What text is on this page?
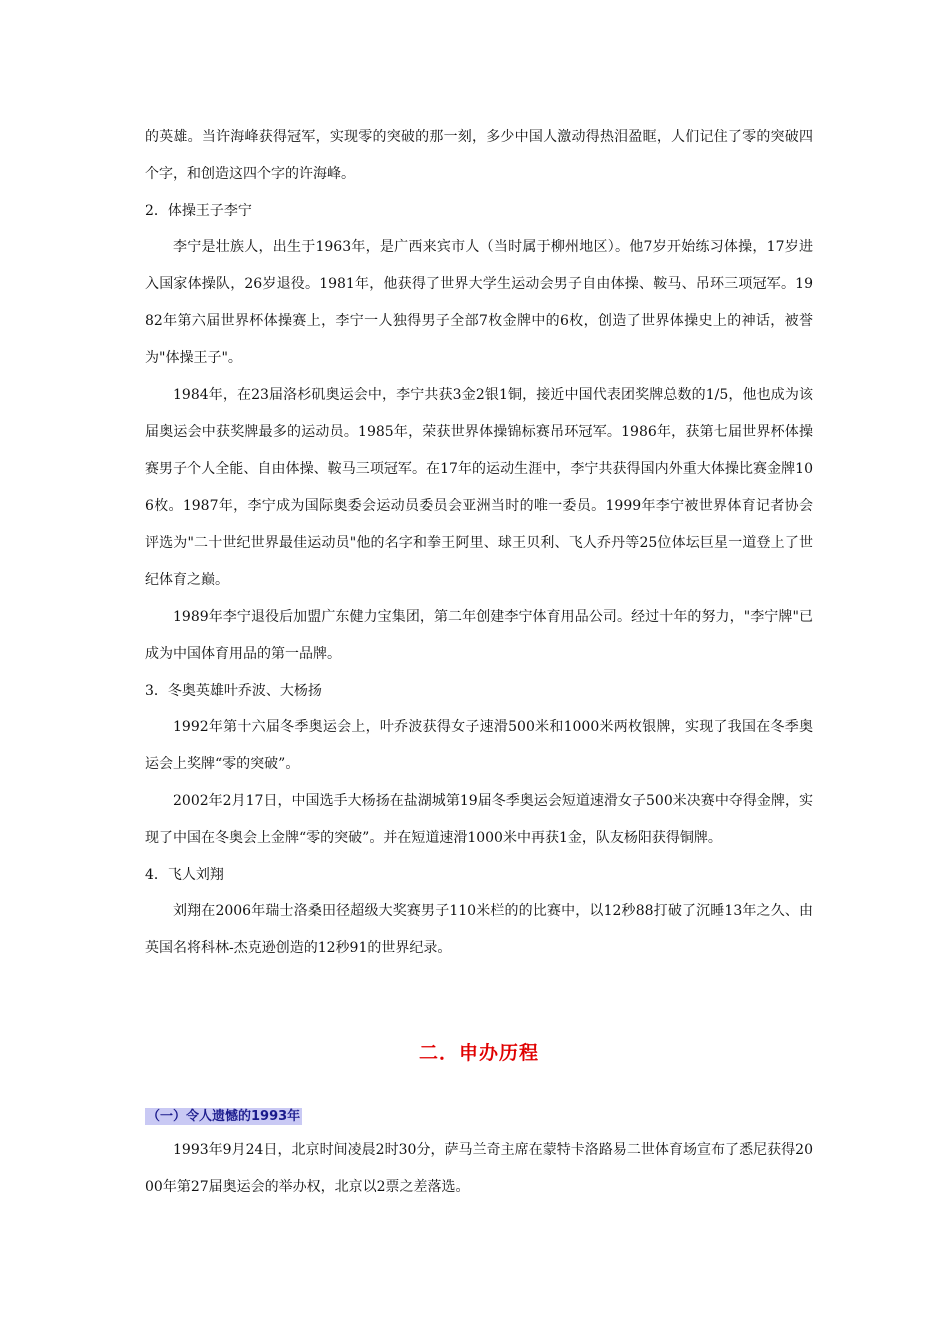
的英雄。当许海峰获得冠军，实现零的突破的那一刻，多少中国人激动得热泪盈眶，人们记住了零的突破四个字，和创造这四个字的许海峰。

2．体操王子李宁

李宁是壮族人，出生于1963年，是广西来宾市人（当时属于柳州地区）。他7岁开始练习体操，17岁进入国家体操队，26岁退役。1981年，他获得了世界大学生运动会男子自由体操、鞍马、吊环三项冠军。1982年第六届世界杯体操赛上，李宁一人独得男子全部7枚金牌中的6枚，创造了世界体操史上的神话，被誉为"体操王子"。

1984年，在23届洛杉矶奥运会中，李宁共获3金2银1铜，接近中国代表团奖牌总数的1/5，他也成为该届奥运会中获奖牌最多的运动员。1985年，荣获世界体操锦标赛吊环冠军。1986年，获第七届世界杯体操赛男子个人全能、自由体操、鞍马三项冠军。在17年的运动生涯中，李宁共获得国内外重大体操比赛金牌106枚。1987年，李宁成为国际奥委会运动员委员会亚洲当时的唯一委员。1999年李宁被世界体育记者协会评选为"二十世纪世界最佳运动员"他的名字和拳王阿里、球王贝利、飞人乔丹等25位体坛巨星一道登上了世纪体育之巅。

1989年李宁退役后加盟广东健力宝集团，第二年创建李宁体育用品公司。经过十年的努力，"李宁牌"已成为中国体育用品的第一品牌。

3．冬奥英雄叶乔波、大杨扬

1992年第十六届冬季奥运会上，叶乔波获得女子速滑500米和1000米两枚银牌，实现了我国在冬季奥运会上奖牌“零的突破”。

2002年2月17日，中国选手大杨扬在盐湖城第19届冬季奥运会短道速滑女子500米决赛中夺得金牌，实现了中国在冬奥会上金牌“零的突破”。并在短道速滑1000米中再获1金，队友杨阳获得铜牌。

4．飞人刘翔

刘翔在2006年瑞士洛桑田径超级大奖赛男子110米栏的的比赛中，以12秒88打破了沉睡13年之久、由英国名将科林-杰克逊创造的12秒91的世界纪录。

二．申办历程

（一）令人遗憾的1993年

1993年9月24日，北京时间凌晨2时30分，萨马兰奇主席在蒙特卡洛路易二世体育场宣布了悉尼获得2000年第27届奥运会的举办权，北京以2票之差落选。
